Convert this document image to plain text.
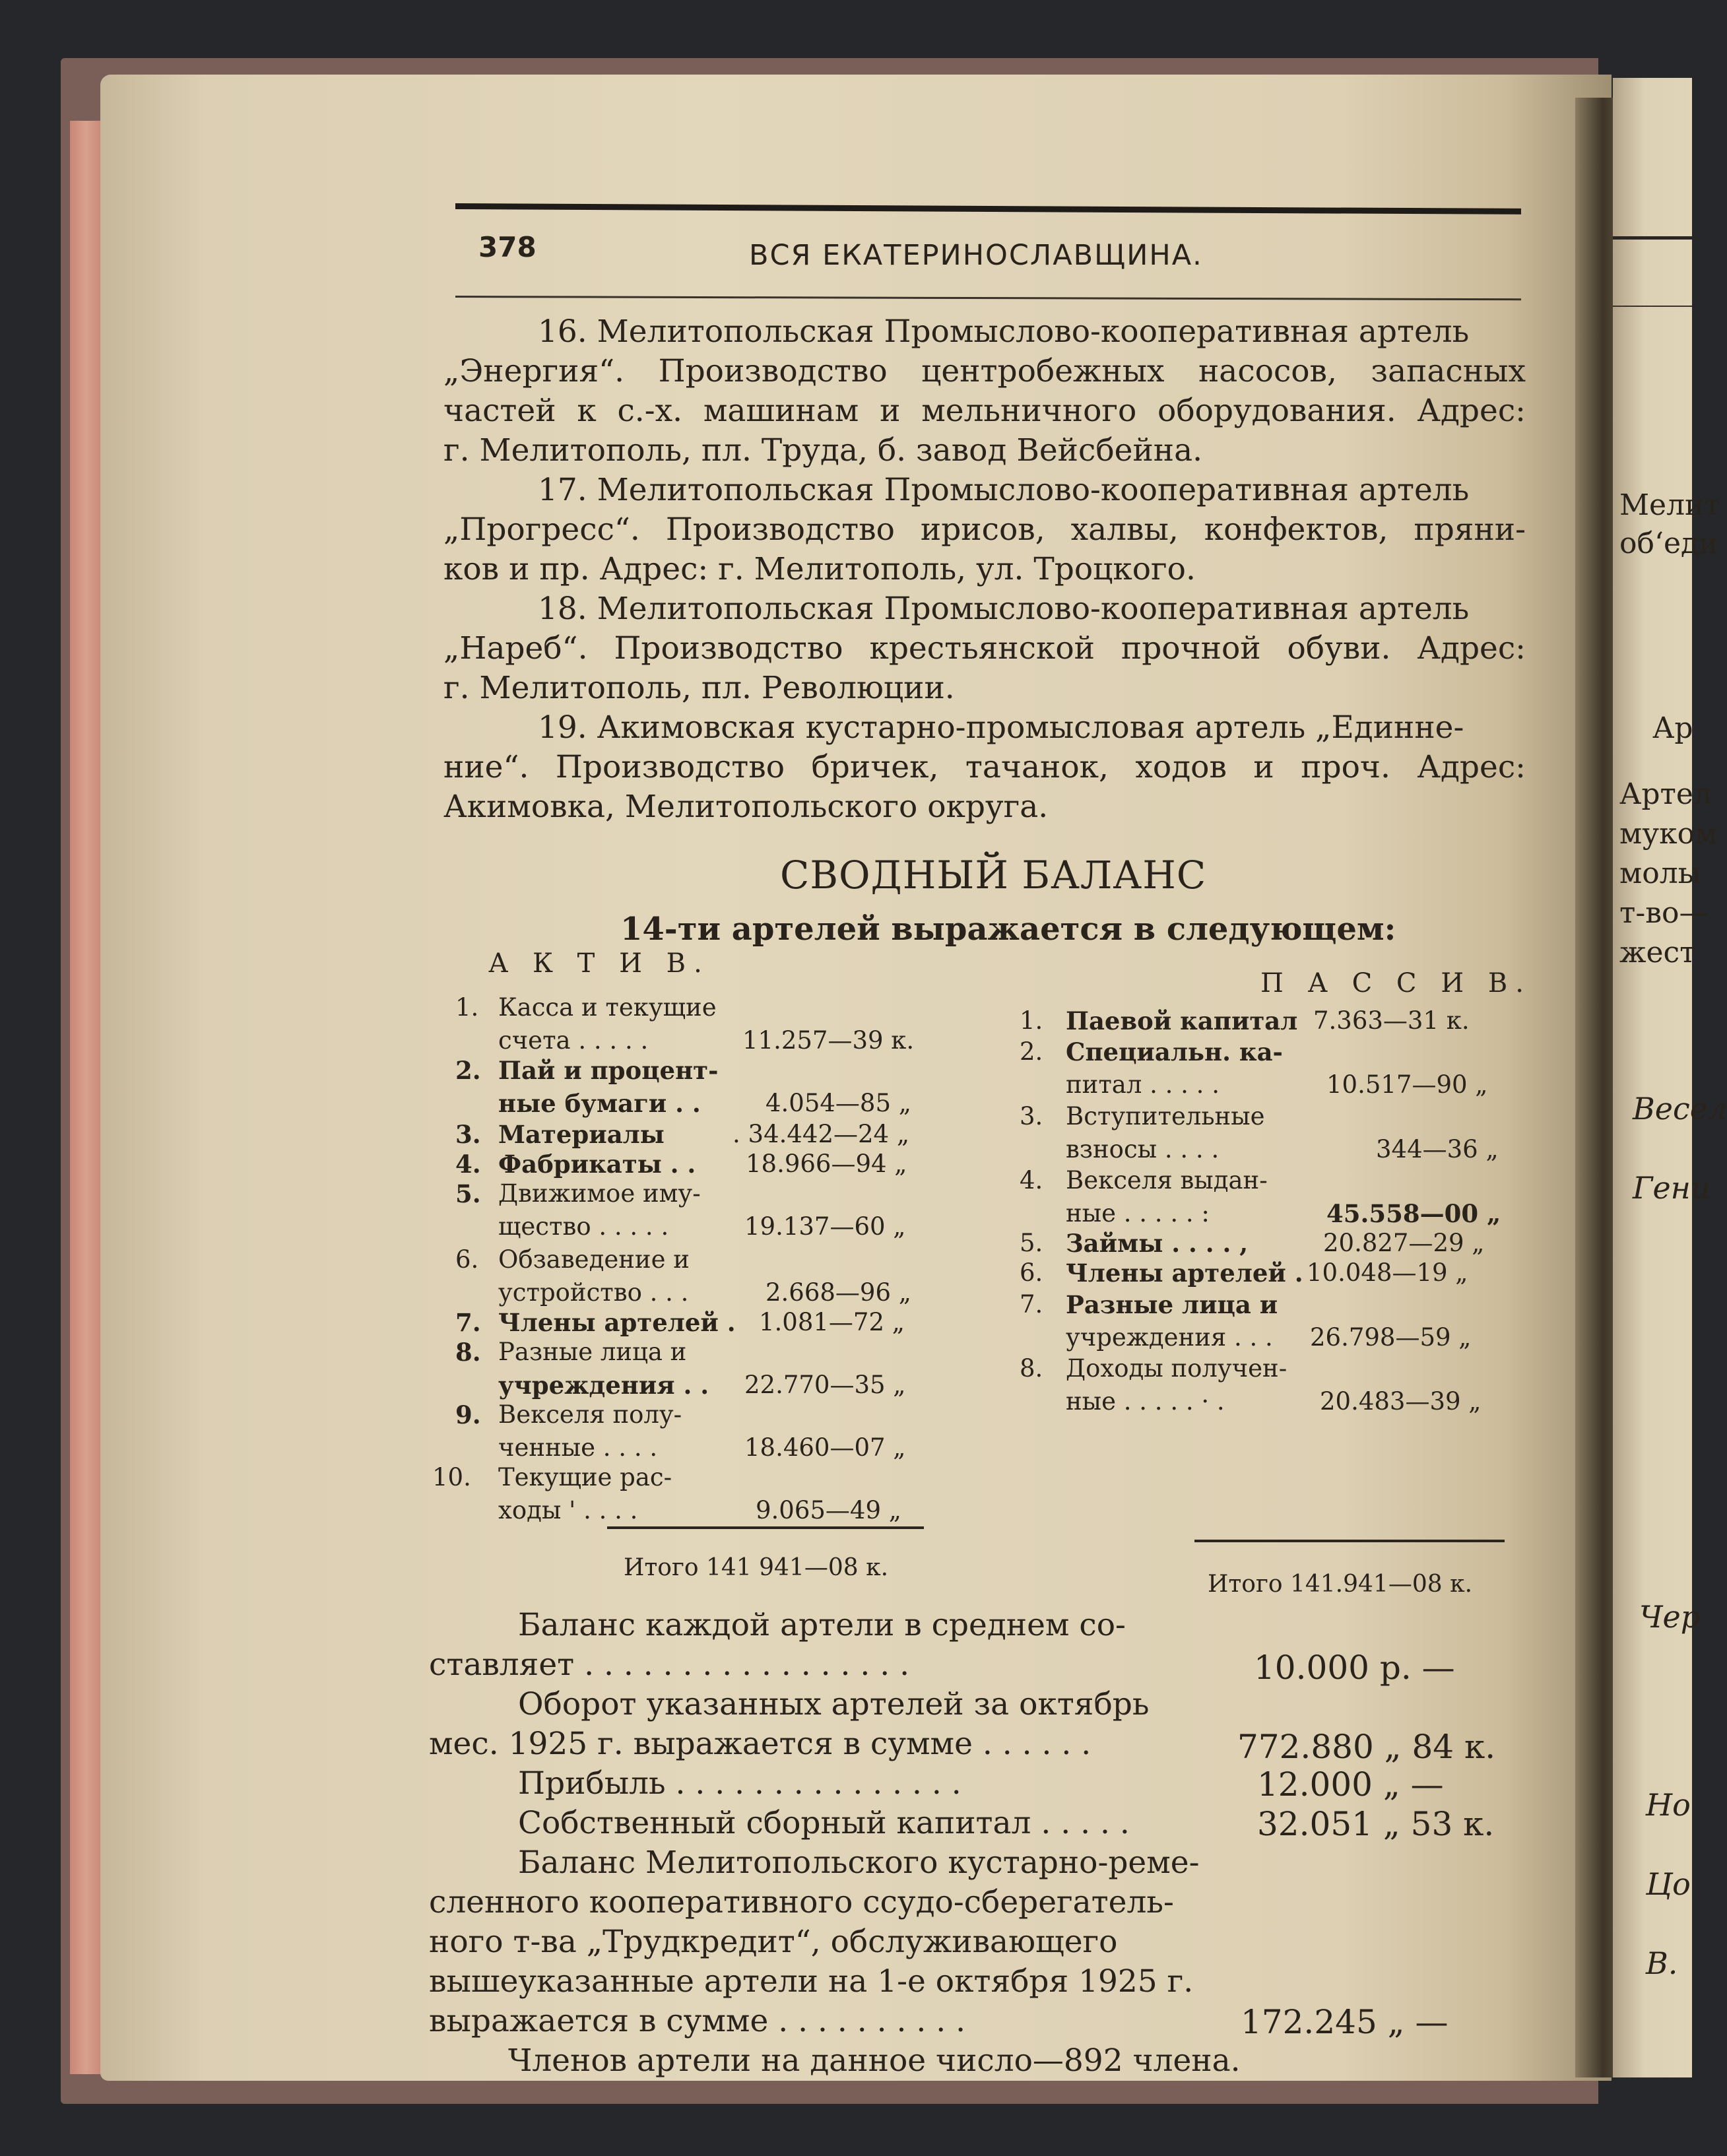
Мелит
об‘еди
Ар
Артел
муком
молы
т-во—
жест
Весел
Гени
Чер
Но
Цо
В.
378	ВСЯ ЕКАТЕРИНОСЛАВЩИНА.
16. Мелитопольская Промыслово-кооперативная артель
„Энергия“. Производство центробежных насосов, запасных
частей к с.-х. машинам и мельничного оборудования. Адрес:
г. Мелитополь, пл. Труда, б. завод Вейсбейна.
17. Мелитопольская Промыслово-кооперативная артель
„Прогресс“. Производство ирисов, халвы, конфектов, пряни-
ков и пр. Адрес: г. Мелитополь, ул. Троцкого.
18. Мелитопольская Промыслово-кооперативная артель
„Нареб“. Производство крестьянской прочной обуви. Адрес:
г. Мелитополь, пл. Революции.
19. Акимовская кустарно-промысловая артель „Единне-
ние“. Производство бричек, тачанок, ходов и проч. Адрес:
Акимовка, Мелитопольского округа.
СВОДНЫЙ БАЛАНС
14-ти артелей выражается в следующем:
А К Т И В.
П А С С И В.
1. Касса и текущие
счета . . . . .	11.257—39 к.
2. Пай и процент-
ные бумаги . .	4.054—85 „
3. Материалы	. 34.442—24 „
4. Фабрикаты . . 18.966—94 „
5. Движимое иму-
щество . . . . .	19.137—60 „
6. Обзаведение и
устройство . . .	2.668—96 „
7. Члены артелей . 1.081—72 „
8. Разные лица и
учреждения . . 22.770—35 „
9. Векселя полу-
ченные . . . .	18.460—07 „
10. Текущие рас-
ходы ' . . . .	9.065—49 „
Итого 141 941—08 к.
1. Паевой капитал 7.363—31 к.
2. Специальн. ка-
питал . . . . .	10.517—90 „
3. Вступительные
взносы . . . .	344—36 „
4. Векселя выдан-
ные . . . . . :	45.558—00 „
5. Займы . . . . ,	20.827—29 „
6. Члены артелей . 10.048—19 „
7. Разные лица и
учреждения . . . 26.798—59 „
8. Доходы получен-
ные . . . . . · .	20.483—39 „
Итого 141.941—08 к.
Баланс каждой артели в среднем со-
ставляет . . . . . . . . . . . . . . . . .	10.000 р. —
Оборот указанных артелей за октябрь
мес. 1925 г. выражается в сумме . . . . . .	772.880 „ 84 к.
Прибыль . . . . . . . . . . . . . . .	12.000 „ —
Собственный сборный капитал . . . . .	32.051 „ 53 к.
Баланс Мелитопольского кустарно-реме-
сленного кооперативного ссудо-сберегатель-
ного т-ва „Трудкредит“, обслуживающего
вышеуказанные артели на 1-е октября 1925 г.
выражается в сумме . . . . . . . . . .	172.245 „ —
Членов артели на данное число—892 члена.
